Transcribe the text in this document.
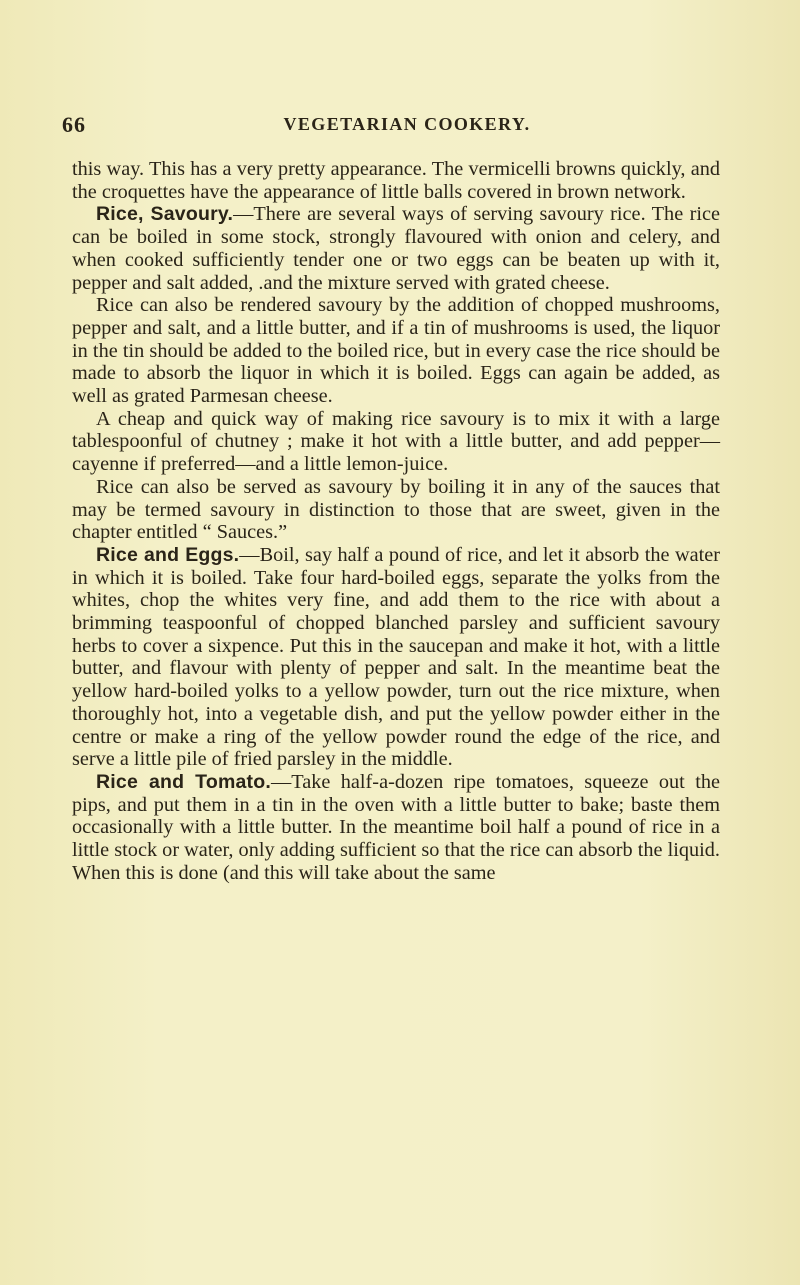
66	VEGETARIAN COOKERY.

this way. This has a very pretty appearance. The vermicelli browns quickly, and the croquettes have the appearance of little balls covered in brown network.

Rice, Savoury.—There are several ways of serving savoury rice. The rice can be boiled in some stock, strongly flavoured with onion and celery, and when cooked sufficiently tender one or two eggs can be beaten up with it, pepper and salt added, .and the mixture served with grated cheese.

Rice can also be rendered savoury by the addition of chopped mushrooms, pepper and salt, and a little butter, and if a tin of mushrooms is used, the liquor in the tin should be added to the boiled rice, but in every case the rice should be made to absorb the liquor in which it is boiled. Eggs can again be added, as well as grated Parmesan cheese.

A cheap and quick way of making rice savoury is to mix it with a large tablespoonful of chutney ; make it hot with a little butter, and add pepper—cayenne if preferred—and a little lemon-juice.

Rice can also be served as savoury by boiling it in any of the sauces that may be termed savoury in distinction to those that are sweet, given in the chapter entitled “ Sauces.”

Rice and Eggs.—Boil, say half a pound of rice, and let it absorb the water in which it is boiled. Take four hard-boiled eggs, separate the yolks from the whites, chop the whites very fine, and add them to the rice with about a brimming teaspoonful of chopped blanched parsley and sufficient savoury herbs to cover a sixpence. Put this in the saucepan and make it hot, with a little butter, and flavour with plenty of pepper and salt. In the meantime beat the yellow hard-boiled yolks to a yellow powder, turn out the rice mixture, when thoroughly hot, into a vegetable dish, and put the yellow powder either in the centre or make a ring of the yellow powder round the edge of the rice, and serve a little pile of fried parsley in the middle.

Rice and Tomato.—Take half-a-dozen ripe tomatoes, squeeze out the pips, and put them in a tin in the oven with a little butter to bake; baste them occasionally with a little butter. In the meantime boil half a pound of rice in a little stock or water, only adding sufficient so that the rice can absorb the liquid. When this is done (and this will take about the same
